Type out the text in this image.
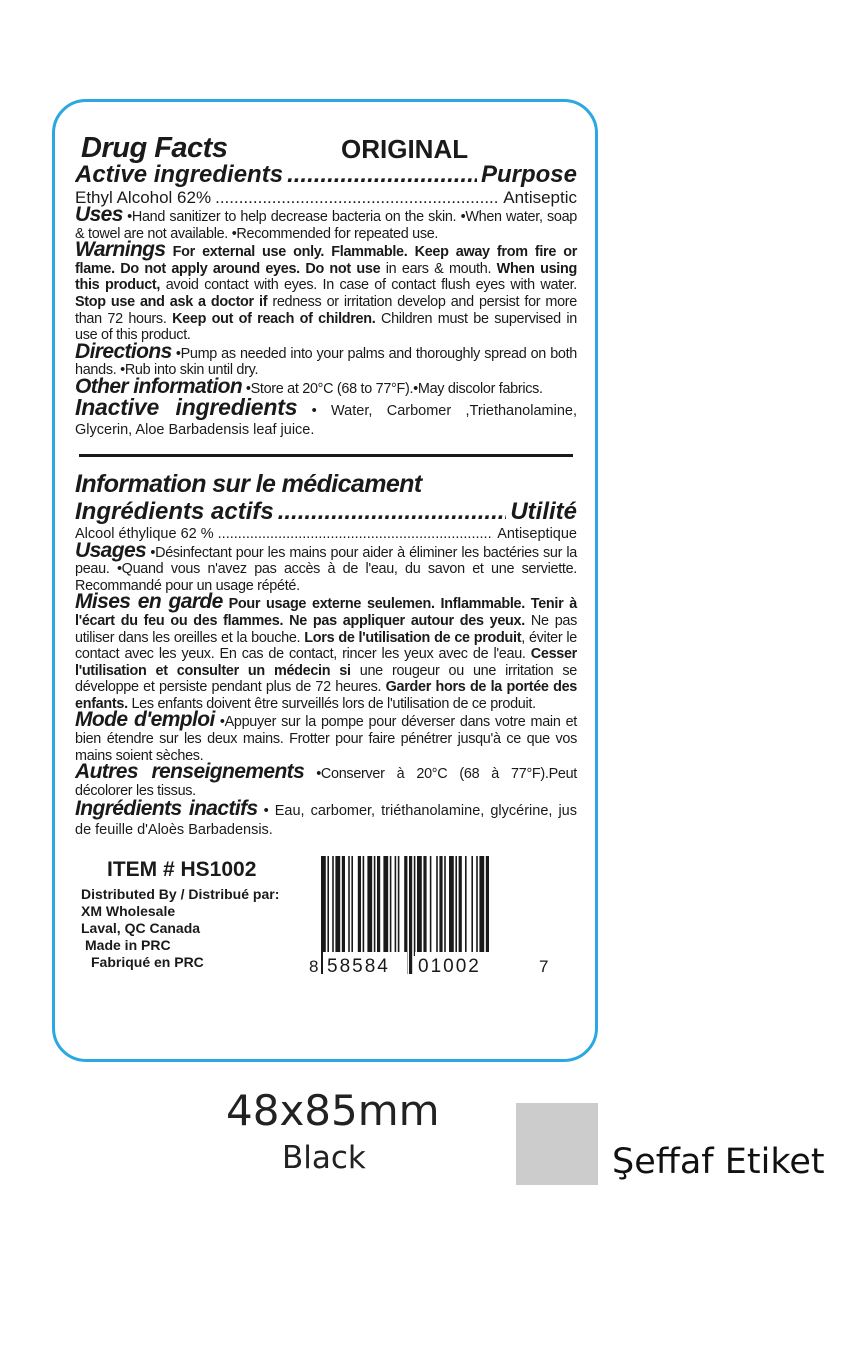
Drug Facts	ORIGINAL
Active ingredients .....	Purpose
Ethyl Alcohol 62% .....	Antiseptic

Uses •Hand sanitizer to help decrease bacteria on the skin. •When water, soap & towel are not available. •Recommended for repeated use.

Warnings For external use only. Flammable. Keep away from fire or flame. Do not apply around eyes. Do not use in ears & mouth. When using this product, avoid contact with eyes. In case of contact flush eyes with water. Stop use and ask a doctor if redness or irritation develop and persist for more than 72 hours. Keep out of reach of children. Children must be supervised in use of this product.

Directions •Pump as needed into your palms and thoroughly spread on both hands. •Rub into skin until dry.

Other information •Store at 20°C (68 to 77°F).•May discolor fabrics.

Inactive ingredients • Water, Carbomer ,Triethanolamine, Glycerin, Aloe Barbadensis leaf juice.

Information sur le médicament
Ingrédients actifs .....	Utilité
Alcool éthylique 62 % .....	Antiseptique

Usages •Désinfectant pour les mains pour aider à éliminer les bactéries sur la peau. •Quand vous n'avez pas accès à de l'eau, du savon et une serviette. Recommandé pour un usage répété.

Mises en garde Pour usage externe seulemen. Inflammable. Tenir à l'écart du feu ou des flammes. Ne pas appliquer autour des yeux. Ne pas utiliser dans les oreilles et la bouche. Lors de l'utilisation de ce produit, éviter le contact avec les yeux. En cas de contact, rincer les yeux avec de l'eau. Cesser l'utilisation et consulter un médecin si une rougeur ou une irritation se développe et persiste pendant plus de 72 heures. Garder hors de la portée des enfants. Les enfants doivent être surveillés lors de l'utilisation de ce produit.

Mode d'emploi •Appuyer sur la pompe pour déverser dans votre main et bien étendre sur les deux mains. Frotter pour faire pénétrer jusqu'à ce que vos mains soient sèches.

Autres renseignements •Conserver à 20°C (68 à 77°F).Peut décolorer les tissus.

Ingrédients inactifs • Eau, carbomer, triéthanolamine, glycérine, jus de feuille d'Aloès Barbadensis.

ITEM # HS1002
Distributed By / Distribué par:
XM Wholesale
Laval, QC Canada
Made in PRC
Fabriqué en PRC	8 58584 01002	7
48x85mm
Black	Şeffaf Etiket
